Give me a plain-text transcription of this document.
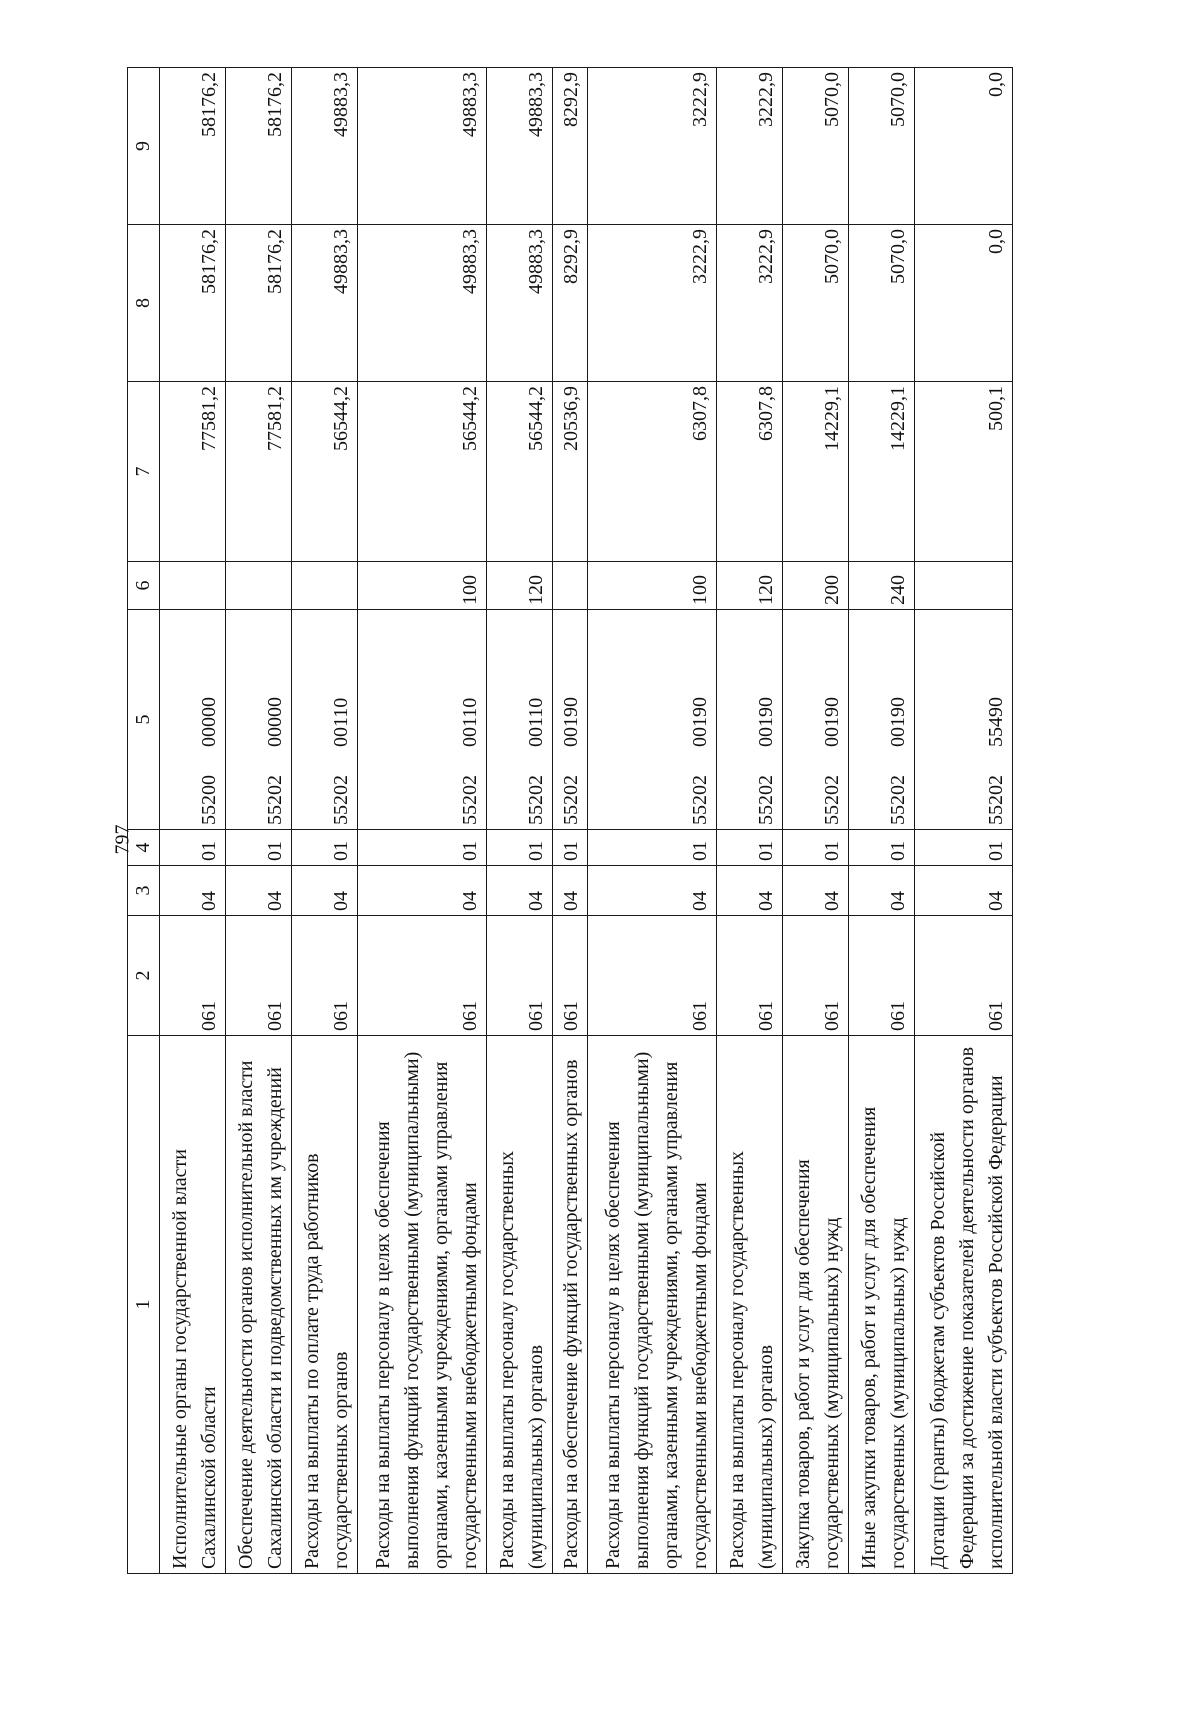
797
1	2	3	4	5	6	7	8	9
Исполнительные органы государственной власти Сахалинской области	061	04	01	5520000000		77581,2	58176,2	58176,2
Обеспечение деятельности органов исполнительной власти Сахалинской области и подведомственных им учреждений	061	04	01	5520200000		77581,2	58176,2	58176,2
Расходы на выплаты по оплате труда работников государственных органов	061	04	01	5520200110		56544,2	49883,3	49883,3
Расходы на выплаты персоналу в целях обеспечения выполнения функций государственными (муниципальными) органами, казенными учреждениями, органами управления государственными внебюджетными фондами	061	04	01	5520200110	100	56544,2	49883,3	49883,3
Расходы на выплаты персоналу государственных (муниципальных) органов	061	04	01	5520200110	120	56544,2	49883,3	49883,3
Расходы на обеспечение функций государственных органов	061	04	01	5520200190		20536,9	8292,9	8292,9
Расходы на выплаты персоналу в целях обеспечения выполнения функций государственными (муниципальными) органами, казенными учреждениями, органами управления государственными внебюджетными фондами	061	04	01	5520200190	100	6307,8	3222,9	3222,9
Расходы на выплаты персоналу государственных (муниципальных) органов	061	04	01	5520200190	120	6307,8	3222,9	3222,9
Закупка товаров, работ и услуг для обеспечения государственных (муниципальных) нужд	061	04	01	5520200190	200	14229,1	5070,0	5070,0
Иные закупки товаров, работ и услуг для обеспечения государственных (муниципальных) нужд	061	04	01	5520200190	240	14229,1	5070,0	5070,0
Дотации (гранты) бюджетам субъектов Российской Федерации за достижение показателей деятельности органов исполнительной власти субъектов Российской Федерации	061	04	01	5520255490		500,1	0,0	0,0
